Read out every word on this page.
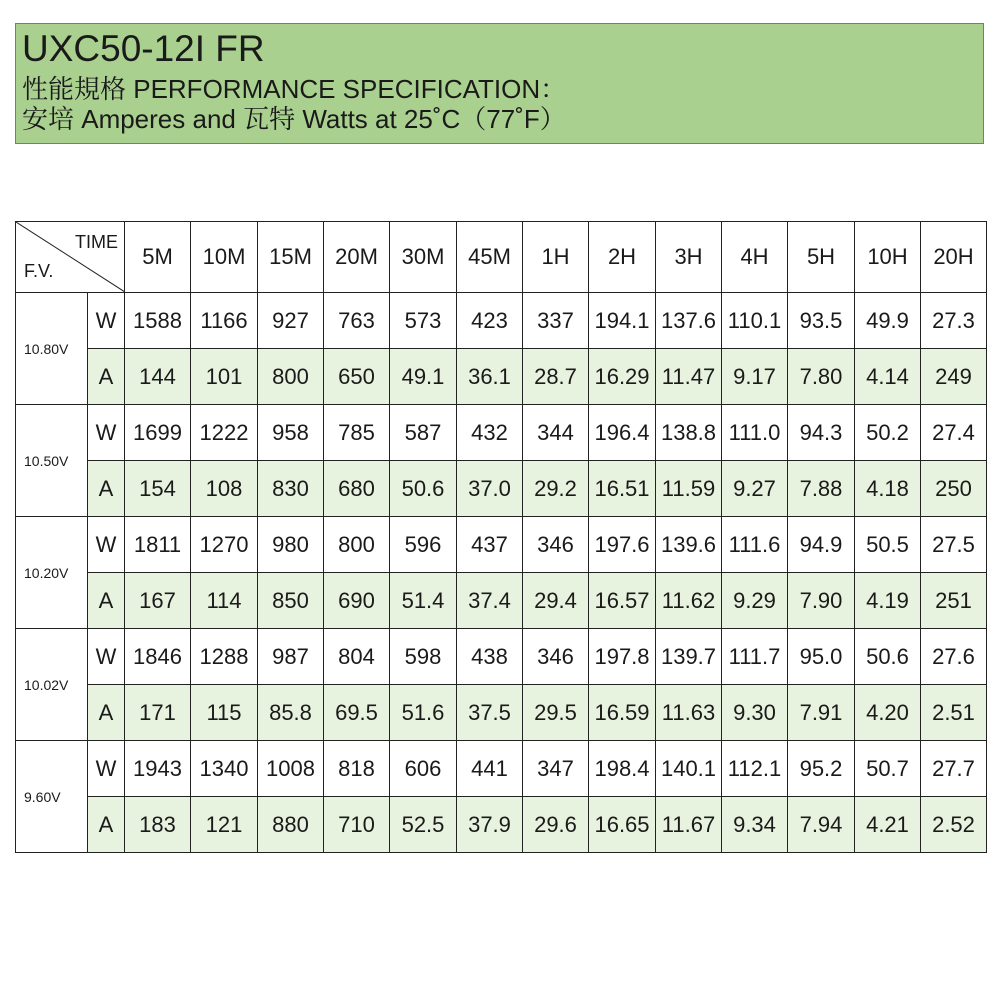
UXC50-12I FR
性能規格 PERFORMANCE SPECIFICATION：
安培 Amperes and 瓦特 Watts at 25˚C（77˚F）
TIME
F.V.		5M	10M	15M	20M	30M	45M	1H	2H	3H	4H	5H	10H	20H
10.80V	W	1588	1166	927	763	573	423	337	194.1	137.6	110.1	93.5	49.9	27.3
	A	144	101	800	650	49.1	36.1	28.7	16.29	11.47	9.17	7.80	4.14	249
10.50V	W	1699	1222	958	785	587	432	344	196.4	138.8	111.0	94.3	50.2	27.4
	A	154	108	830	680	50.6	37.0	29.2	16.51	11.59	9.27	7.88	4.18	250
10.20V	W	1811	1270	980	800	596	437	346	197.6	139.6	111.6	94.9	50.5	27.5
	A	167	114	850	690	51.4	37.4	29.4	16.57	11.62	9.29	7.90	4.19	251
10.02V	W	1846	1288	987	804	598	438	346	197.8	139.7	111.7	95.0	50.6	27.6
	A	171	115	85.8	69.5	51.6	37.5	29.5	16.59	11.63	9.30	7.91	4.20	2.51
9.60V	W	1943	1340	1008	818	606	441	347	198.4	140.1	112.1	95.2	50.7	27.7
	A	183	121	880	710	52.5	37.9	29.6	16.65	11.67	9.34	7.94	4.21	2.52
